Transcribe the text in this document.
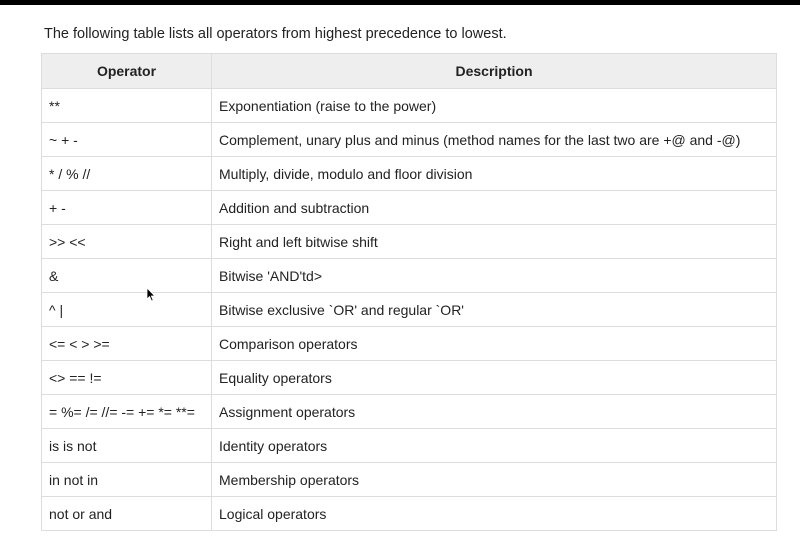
The following table lists all operators from highest precedence to lowest.

Operator	Description
**	Exponentiation (raise to the power)
~ + -	Complement, unary plus and minus (method names for the last two are +@ and -@)
* / % //	Multiply, divide, modulo and floor division
+ -	Addition and subtraction
>> <<	Right and left bitwise shift
&	Bitwise 'AND'td>
^ |	Bitwise exclusive `OR' and regular `OR'
<= < > >=	Comparison operators
<> == !=	Equality operators
= %= /= //= -= += *= **=	Assignment operators
is is not	Identity operators
in not in	Membership operators
not or and	Logical operators
